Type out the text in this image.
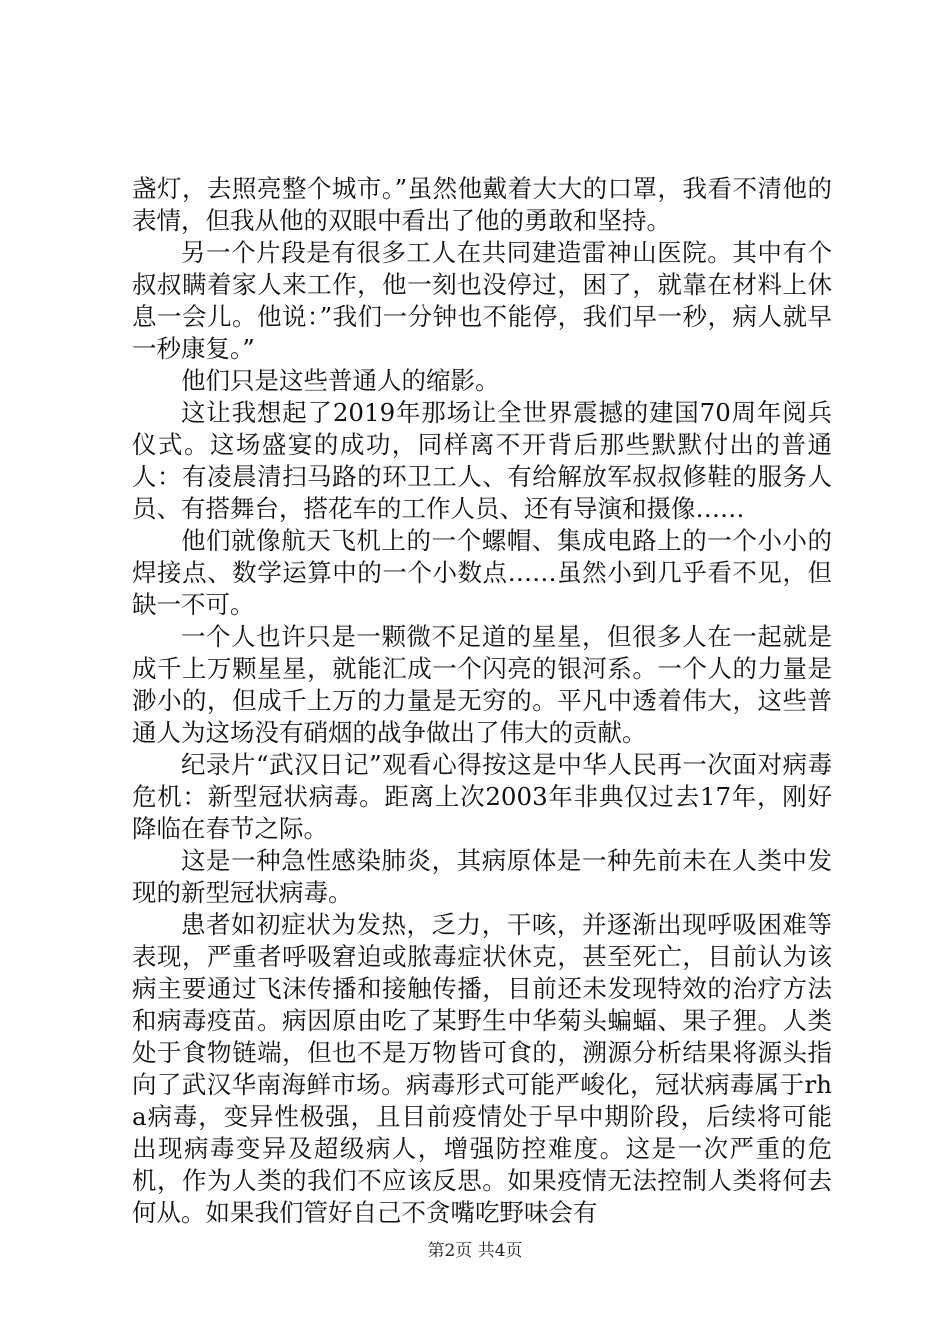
盏灯，去照亮整个城市。”虽然他戴着大大的口罩，我看不清他的表情，但我从他的双眼中看出了他的勇敢和坚持。

另一个片段是有很多工人在共同建造雷神山医院。其中有个叔叔瞒着家人来工作，他一刻也没停过，困了，就靠在材料上休息一会儿。他说：”我们一分钟也不能停，我们早一秒，病人就早一秒康复。”

他们只是这些普通人的缩影。

这让我想起了2019年那场让全世界震撼的建国70周年阅兵仪式。这场盛宴的成功，同样离不开背后那些默默付出的普通人：有凌晨清扫马路的环卫工人、有给解放军叔叔修鞋的服务人员、有搭舞台，搭花车的工作人员、还有导演和摄像……

他们就像航天飞机上的一个螺帽、集成电路上的一个小小的焊接点、数学运算中的一个小数点……虽然小到几乎看不见，但缺一不可。

一个人也许只是一颗微不足道的星星，但很多人在一起就是成千上万颗星星，就能汇成一个闪亮的银河系。一个人的力量是渺小的，但成千上万的力量是无穷的。平凡中透着伟大，这些普通人为这场没有硝烟的战争做出了伟大的贡献。

纪录片“武汉日记”观看心得按这是中华人民再一次面对病毒危机：新型冠状病毒。距离上次2003年非典仅过去17年，刚好降临在春节之际。

这是一种急性感染肺炎，其病原体是一种先前未在人类中发现的新型冠状病毒。

患者如初症状为发热，乏力，干咳，并逐渐出现呼吸困难等表现，严重者呼吸窘迫或脓毒症状休克，甚至死亡，目前认为该病主要通过飞沫传播和接触传播，目前还未发现特效的治疗方法和病毒疫苗。病因原由吃了某野生中华菊头蝙蝠、果子狸。人类处于食物链端，但也不是万物皆可食的，溯源分析结果将源头指向了武汉华南海鲜市场。病毒形式可能严峻化，冠状病毒属于rha病毒，变异性极强，且目前疫情处于早中期阶段，后续将可能出现病毒变异及超级病人，增强防控难度。这是一次严重的危机，作为人类的我们不应该反思。如果疫情无法控制人类将何去何从。如果我们管好自己不贪嘴吃野味会有

第2页 共4页
